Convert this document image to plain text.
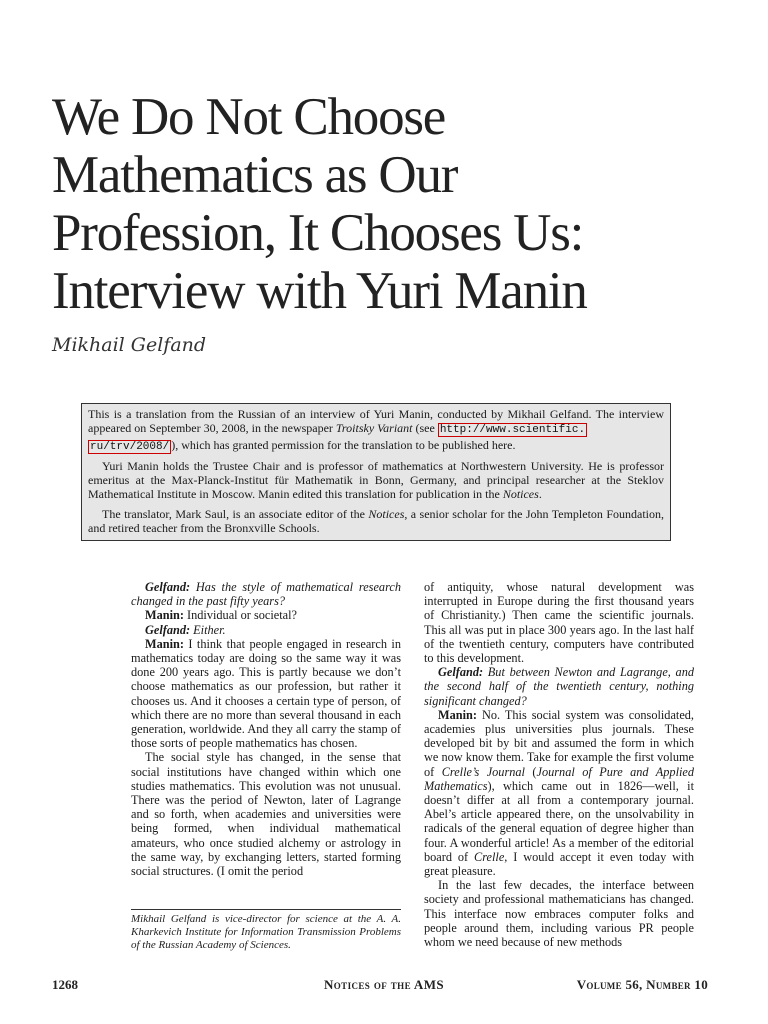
We Do Not Choose
Mathematics as Our
Profession, It Chooses Us:
Interview with Yuri Manin

Mikhail Gelfand

This is a translation from the Russian of an interview of Yuri Manin, conducted by Mikhail Gelfand. The interview appeared on September 30, 2008, in the newspaper Troitsky Variant (see http://www.scientific.
ru/trv/2008/ ), which has granted permission for the translation to be published here.

Yuri Manin holds the Trustee Chair and is professor of mathematics at Northwestern University. He is professor emeritus at the Max-Planck-Institut für Mathematik in Bonn, Germany, and principal researcher at the Steklov Mathematical Institute in Moscow. Manin edited this translation for publication in the Notices.

The translator, Mark Saul, is an associate editor of the Notices, a senior scholar for the John Templeton Foundation, and retired teacher from the Bronxville Schools.

Gelfand: Has the style of mathematical research changed in the past fifty years?

Manin: Individual or societal?

Gelfand: Either.

Manin: I think that people engaged in research in mathematics today are doing so the same way it was done 200 years ago. This is partly because we don’t choose mathematics as our profession, but rather it chooses us. And it chooses a certain type of person, of which there are no more than several thousand in each generation, worldwide. And they all carry the stamp of those sorts of people mathematics has chosen.

The social style has changed, in the sense that social institutions have changed within which one studies mathematics. This evolution was not unusual. There was the period of Newton, later of Lagrange and so forth, when academies and universities were being formed, when individual mathematical amateurs, who once studied alchemy or astrology in the same way, by exchanging letters, started forming social structures. (I omit the period

Mikhail Gelfand is vice-director for science at the A. A. Kharkevich Institute for Information Transmission Problems of the Russian Academy of Sciences.

of antiquity, whose natural development was interrupted in Europe during the first thousand years of Christianity.) Then came the scientific journals. This all was put in place 300 years ago. In the last half of the twentieth century, computers have contributed to this development.

Gelfand: But between Newton and Lagrange, and the second half of the twentieth century, nothing significant changed?

Manin: No. This social system was consolidated, academies plus universities plus journals. These developed bit by bit and assumed the form in which we now know them. Take for example the first volume of Crelle’s Journal (Journal of Pure and Applied Mathematics), which came out in 1826—well, it doesn’t differ at all from a contemporary journal. Abel’s article appeared there, on the unsolvability in radicals of the general equation of degree higher than four. A wonderful article! As a member of the editorial board of Crelle, I would accept it even today with great pleasure.

In the last few decades, the interface between society and professional mathematicians has changed. This interface now embraces computer folks and people around them, including various PR people whom we need because of new methods

1268	Notices of the AMS	Volume 56, Number 10
